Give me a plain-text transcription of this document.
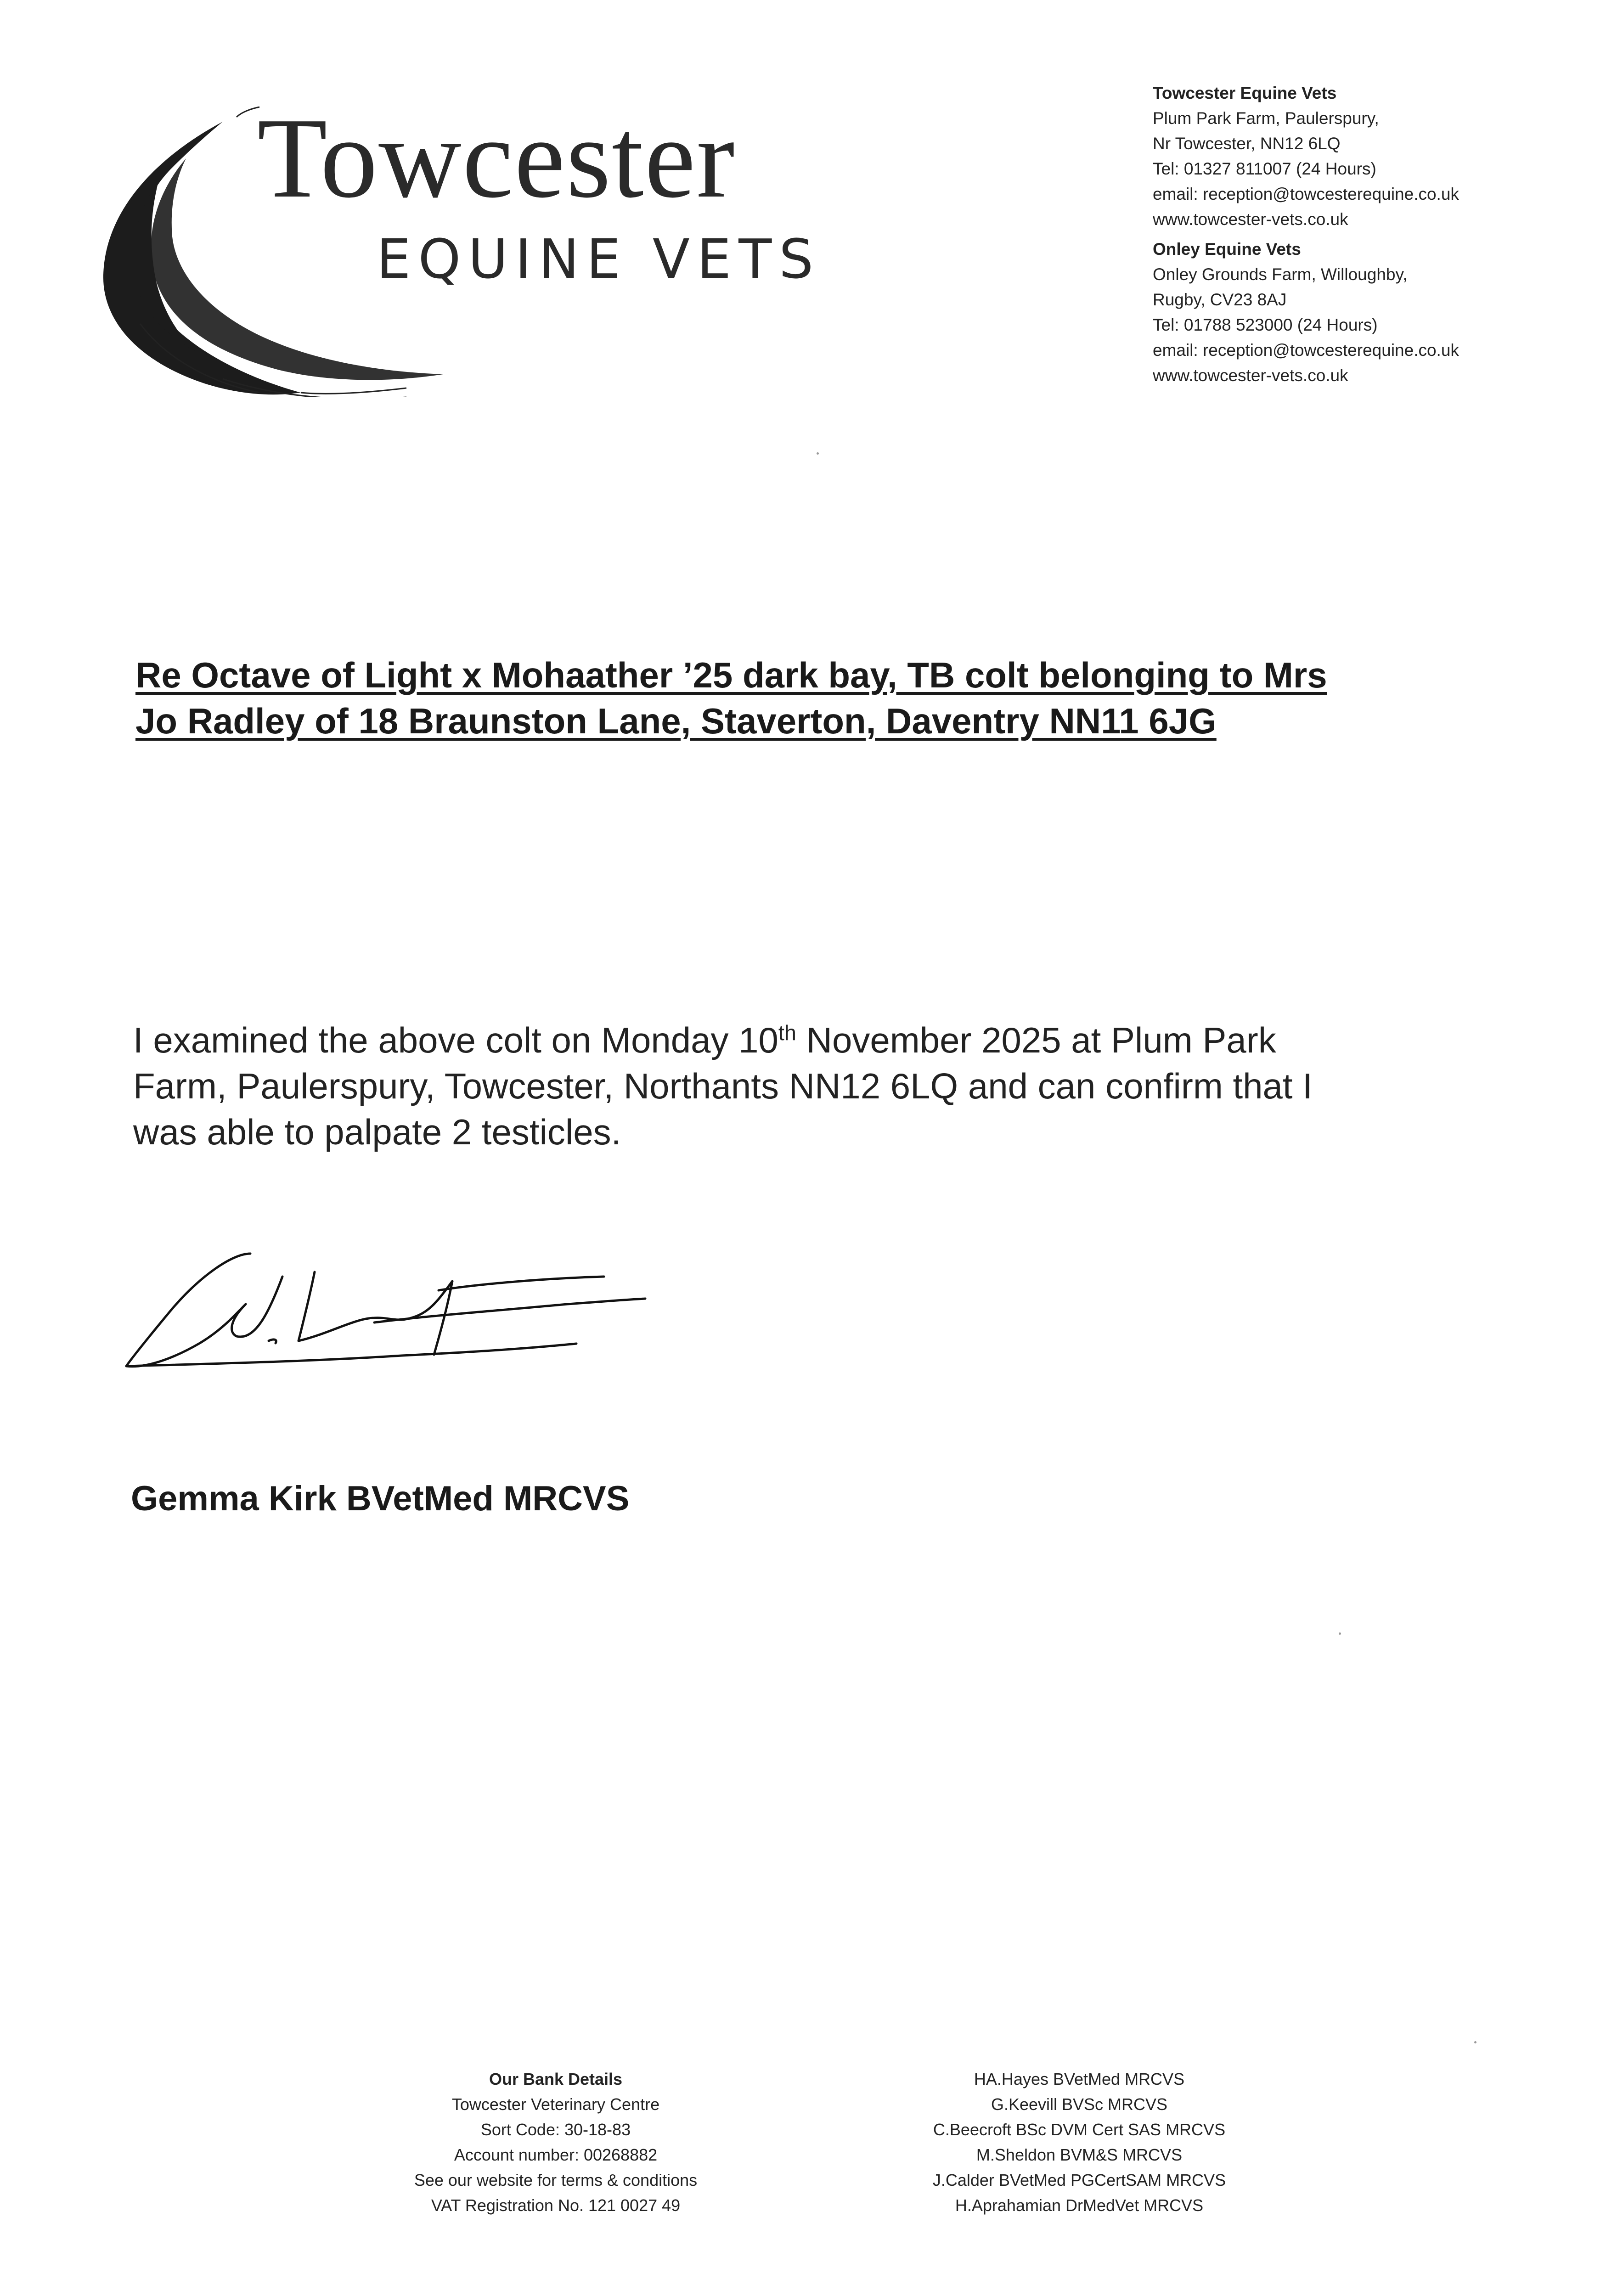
Towcester
EQUINE VETS
Towcester Equine Vets
Plum Park Farm, Paulerspury,
Nr Towcester, NN12 6LQ
Tel: 01327 811007 (24 Hours)
email: reception@towcesterequine.co.uk
www.towcester-vets.co.uk
Onley Equine Vets
Onley Grounds Farm, Willoughby,
Rugby, CV23 8AJ
Tel: 01788 523000 (24 Hours)
email: reception@towcesterequine.co.uk
www.towcester-vets.co.uk
Re Octave of Light x Mohaather ’25 dark bay, TB colt belonging to Mrs
Jo Radley of 18 Braunston Lane, Staverton, Daventry NN11 6JG
I examined the above colt on Monday 10th November 2025 at Plum Park
Farm, Paulerspury, Towcester, Northants NN12 6LQ and can confirm that I
was able to palpate 2 testicles.
Gemma Kirk BVetMed MRCVS
Our Bank Details
Towcester Veterinary Centre
Sort Code: 30-18-83
Account number: 00268882
See our website for terms & conditions
VAT Registration No. 121 0027 49
HA.Hayes BVetMed MRCVS
G.Keevill BVSc MRCVS
C.Beecroft BSc DVM Cert SAS MRCVS
M.Sheldon BVM&S MRCVS
J.Calder BVetMed PGCertSAM MRCVS
H.Aprahamian DrMedVet MRCVS
